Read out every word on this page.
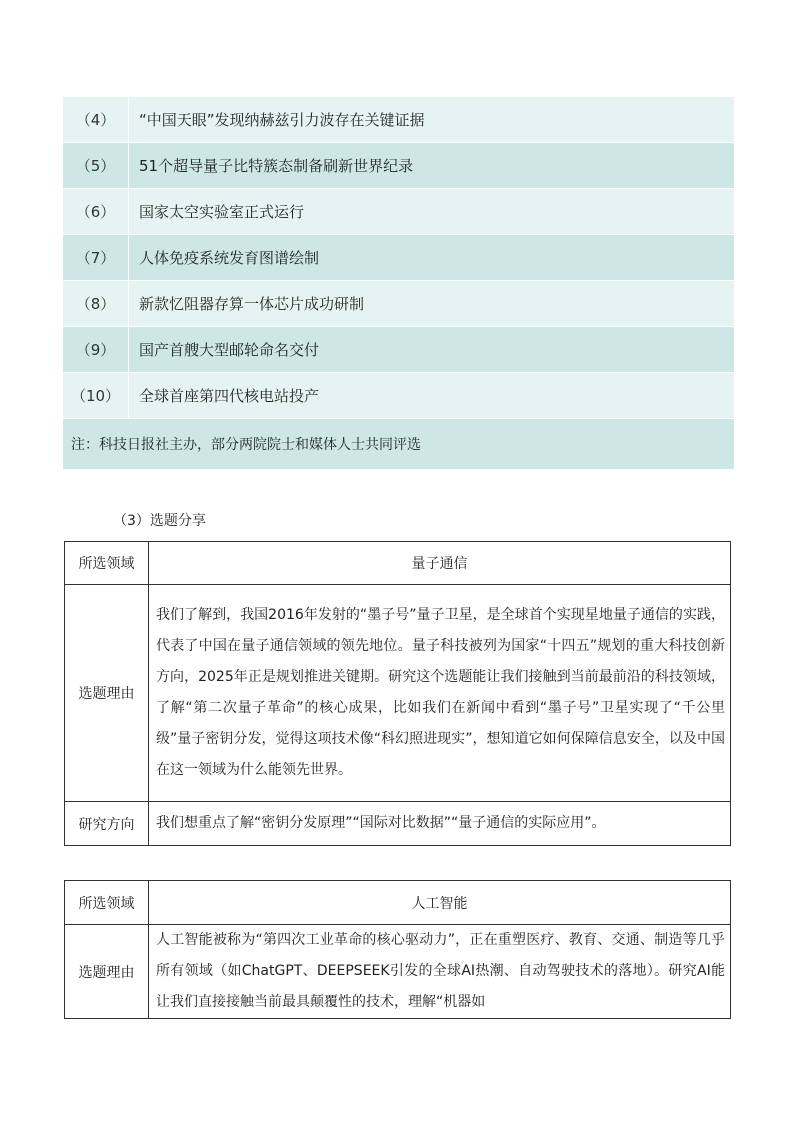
（4）	“中国天眼”发现纳赫兹引力波存在关键证据
（5）	51个超导量子比特簇态制备刷新世界纪录
（6）	国家太空实验室正式运行
（7）	人体免疫系统发育图谱绘制
（8）	新款忆阻器存算一体芯片成功研制
（9）	国产首艘大型邮轮命名交付
（10）	全球首座第四代核电站投产
注：科技日报社主办，部分两院院士和媒体人士共同评选	
（3）选题分享
所选领域	量子通信
选题理由	我们了解到，我国2016年发射的“墨子号”量子卫星，是全球首个实现星地量子通信的实践，代表了中国在量子通信领域的领先地位。量子科技被列为国家“十四五”规划的重大科技创新方向，2025年正是规划推进关键期。研究这个选题能让我们接触到当前最前沿的科技领域，了解“第二次量子革命”的核心成果，比如我们在新闻中看到“墨子号”卫星实现了“千公里级”量子密钥分发，觉得这项技术像“科幻照进现实”，想知道它如何保障信息安全，以及中国在这一领域为什么能领先世界。
研究方向	我们想重点了解“密钥分发原理”“国际对比数据”“量子通信的实际应用”。
所选领域	人工智能
选题理由	人工智能被称为“第四次工业革命的核心驱动力”，正在重塑医疗、教育、交通、制造等几乎所有领域（如ChatGPT、DEEPSEEK引发的全球AI热潮、自动驾驶技术的落地）。研究AI能让我们直接接触当前最具颠覆性的技术，理解“机器如
